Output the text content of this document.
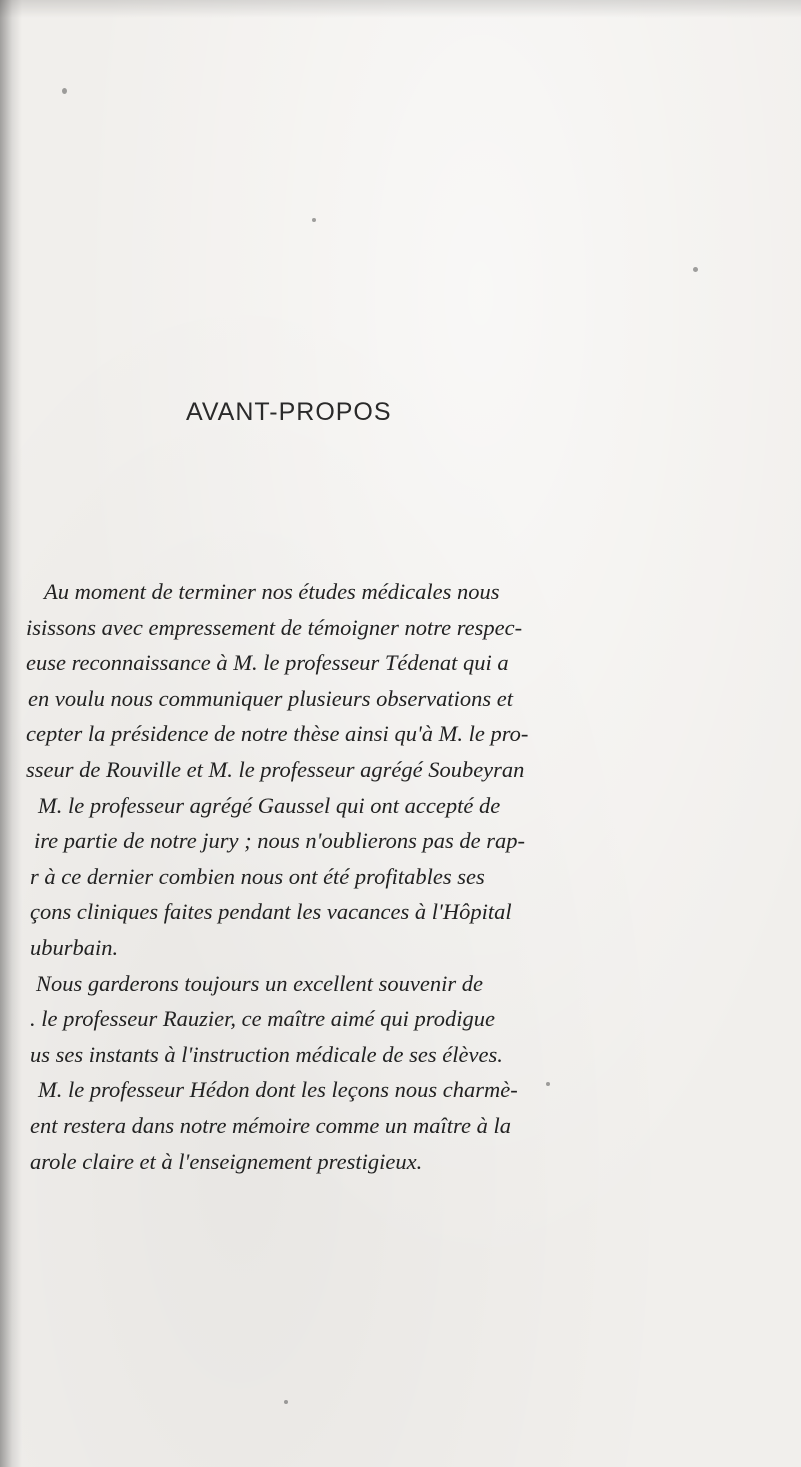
AVANT-PROPOS
Au moment de terminer nos études médicales nous
isissons avec empressement de témoigner notre respec-
euse reconnaissance à M. le professeur Tédenat qui a
en voulu nous communiquer plusieurs observations et
cepter la présidence de notre thèse ainsi qu'à M. le pro-
sseur de Rouville et M. le professeur agrégé Soubeyran
M. le professeur agrégé Gaussel qui ont accepté de
ire partie de notre jury ; nous n'oublierons pas de rap-
r à ce dernier combien nous ont été profitables ses
çons cliniques faites pendant les vacances à l'Hôpital
uburbain.
Nous garderons toujours un excellent souvenir de
. le professeur Rauzier, ce maître aimé qui prodigue
us ses instants à l'instruction médicale de ses élèves.
M. le professeur Hédon dont les leçons nous charmè-
ent restera dans notre mémoire comme un maître à la
arole claire et à l'enseignement prestigieux.
